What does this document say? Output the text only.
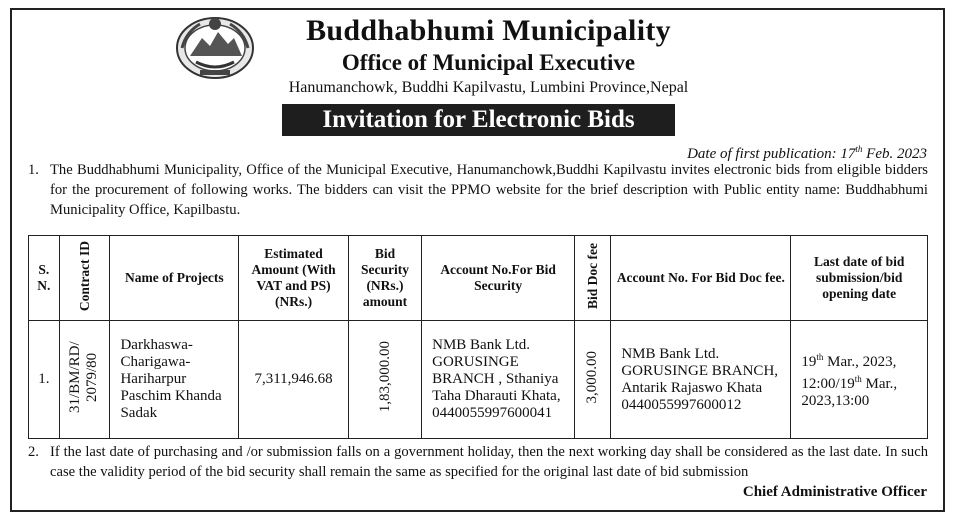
Buddhabhumi Municipality
Office of Municipal Executive
Hanumanchowk, Buddhi Kapilvastu, Lumbini Province,Nepal
Invitation for Electronic Bids
Date of first publication: 17th Feb. 2023
1. The Buddhabhumi Municipality, Office of the Municipal Executive, Hanumanchowk,Buddhi Kapilvastu invites electronic bids from eligible bidders for the procurement of following works. The bidders can visit the PPMO website for the brief description with Public entity name: Buddhabhumi Municipality Office, Kapilbastu.
S. N.	Contract ID	Name of Projects	Estimated Amount (With VAT and PS)(NRs.)	Bid Security (NRs.) amount	Account No.For Bid Security	Bid Doc fee	Account No. For Bid Doc fee.	Last date of bid submission/bid opening date
1.	31/BM/RD/ 2079/80	Darkhaswa-Charigawa-Hariharpur Paschim Khanda Sadak	7,311,946.68	1,83,000.00	NMB Bank Ltd. GORUSINGE BRANCH , Sthaniya Taha Dharauti Khata, 0440055997600041	3,000.00	NMB Bank Ltd. GORUSINGE BRANCH, Antarik Rajaswo Khata 0440055997600012	19th Mar., 2023, 12:00/19th Mar., 2023,13:00
2. If the last date of purchasing and /or submission falls on a government holiday, then the next working day shall be considered as the last date. In such case the validity period of the bid security shall remain the same as specified for the original last date of bid submission
Chief Administrative Officer
